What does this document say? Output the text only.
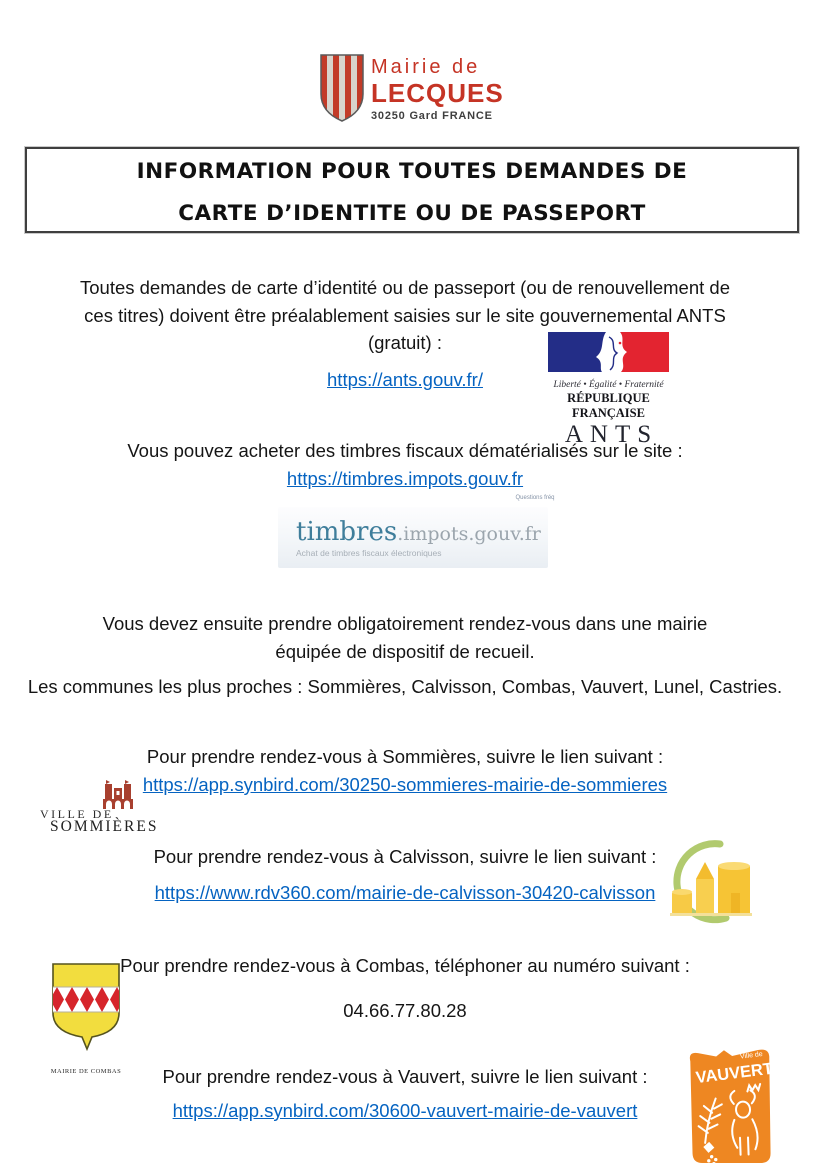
Mairie de
LECQUES
30250 Gard FRANCE
INFORMATION POUR TOUTES DEMANDES DE
CARTE D’IDENTITE OU DE PASSEPORT
Toutes demandes de carte d’identité ou de passeport (ou de renouvellement de
ces titres) doivent être préalablement saisies sur le site gouvernemental ANTS
(gratuit) :
https://ants.gouv.fr/	Liberté • Égalité • Fraternité
RÉPUBLIQUE FRANÇAISE
ANTS
Vous pouvez acheter des timbres fiscaux dématérialisés sur le site :
https://timbres.impots.gouv.fr
Questions fréq
timbres.impots.gouv.fr
Achat de timbres fiscaux électroniques
Vous devez ensuite prendre obligatoirement rendez-vous dans une mairie
équipée de dispositif de recueil.
Les communes les plus proches : Sommières, Calvisson, Combas, Vauvert, Lunel, Castries.
Pour prendre rendez-vous à Sommières, suivre le lien suivant :
https://app.synbird.com/30250-sommieres-mairie-de-sommieres
VILLE DE
SOMMIÈRES
Pour prendre rendez-vous à Calvisson, suivre le lien suivant :
https://www.rdv360.com/mairie-de-calvisson-30420-calvisson
Pour prendre rendez-vous à Combas, téléphoner au numéro suivant :
04.66.77.80.28
MAIRIE DE COMBAS	Pour prendre rendez-vous à Vauvert, suivre le lien suivant :
https://app.synbird.com/30600-vauvert-mairie-de-vauvert
Ville de
VAUVERT
